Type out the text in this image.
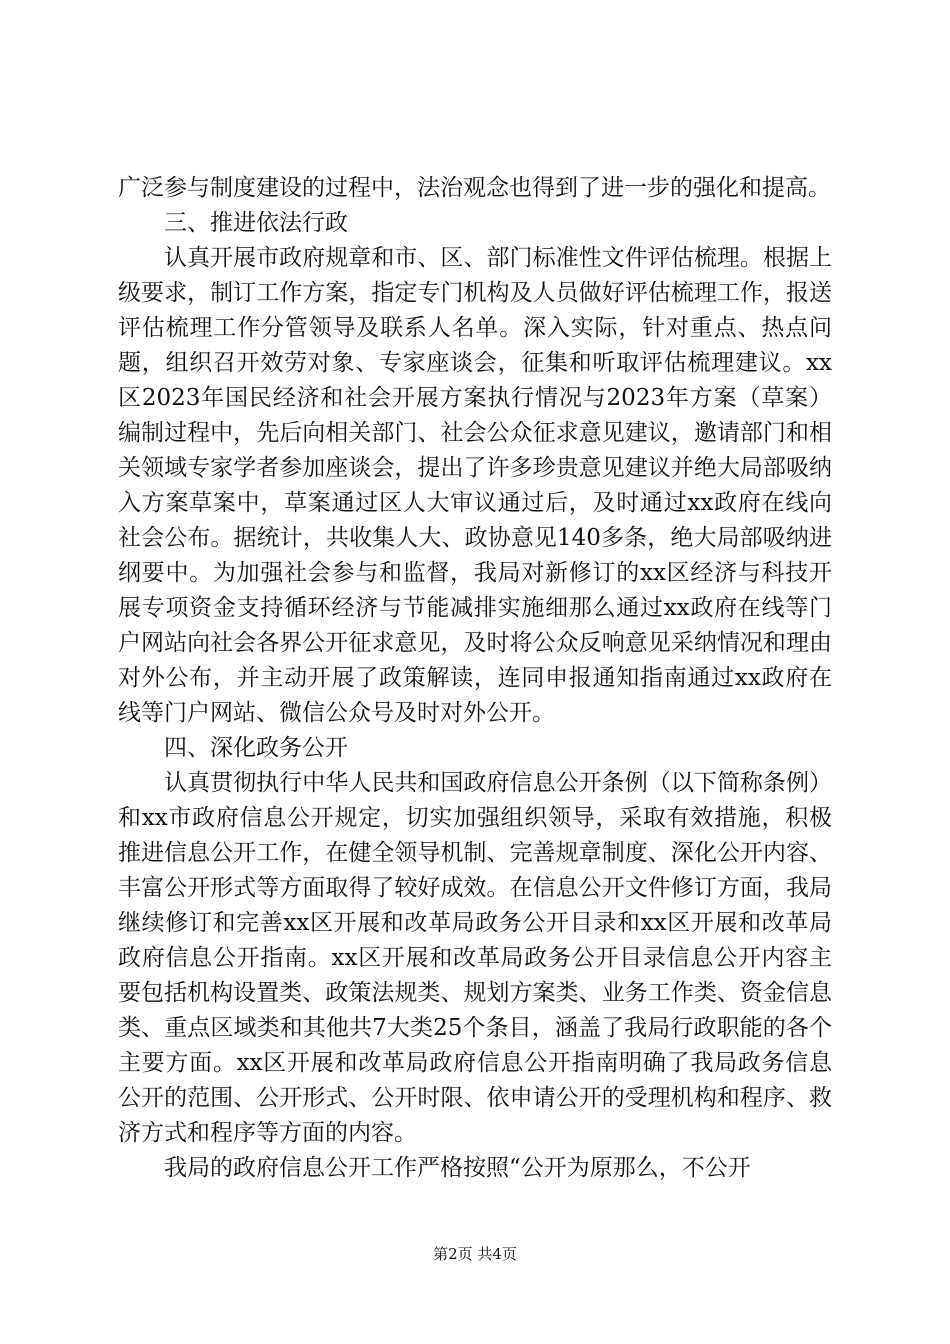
广泛参与制度建设的过程中，法治观念也得到了进一步的强化和提高。

三、推进依法行政

认真开展市政府规章和市、区、部门标准性文件评估梳理。根据上级要求，制订工作方案，指定专门机构及人员做好评估梳理工作，报送评估梳理工作分管领导及联系人名单。深入实际，针对重点、热点问题，组织召开效劳对象、专家座谈会，征集和听取评估梳理建议。xx区2023年国民经济和社会开展方案执行情况与2023年方案（草案）编制过程中，先后向相关部门、社会公众征求意见建议，邀请部门和相关领域专家学者参加座谈会，提出了许多珍贵意见建议并绝大局部吸纳入方案草案中，草案通过区人大审议通过后，及时通过xx政府在线向社会公布。据统计，共收集人大、政协意见140多条，绝大局部吸纳进纲要中。为加强社会参与和监督，我局对新修订的xx区经济与科技开展专项资金支持循环经济与节能减排实施细那么通过xx政府在线等门户网站向社会各界公开征求意见，及时将公众反响意见采纳情况和理由对外公布，并主动开展了政策解读，连同申报通知指南通过xx政府在线等门户网站、微信公众号及时对外公开。

四、深化政务公开

认真贯彻执行中华人民共和国政府信息公开条例（以下简称条例）和xx市政府信息公开规定，切实加强组织领导，采取有效措施，积极推进信息公开工作，在健全领导机制、完善规章制度、深化公开内容、丰富公开形式等方面取得了较好成效。在信息公开文件修订方面，我局继续修订和完善xx区开展和改革局政务公开目录和xx区开展和改革局政府信息公开指南。xx区开展和改革局政务公开目录信息公开内容主要包括机构设置类、政策法规类、规划方案类、业务工作类、资金信息类、重点区域类和其他共7大类25个条目，涵盖了我局行政职能的各个主要方面。xx区开展和改革局政府信息公开指南明确了我局政务信息公开的范围、公开形式、公开时限、依申请公开的受理机构和程序、救济方式和程序等方面的内容。

我局的政府信息公开工作严格按照“公开为原那么，不公开

第2页 共4页
